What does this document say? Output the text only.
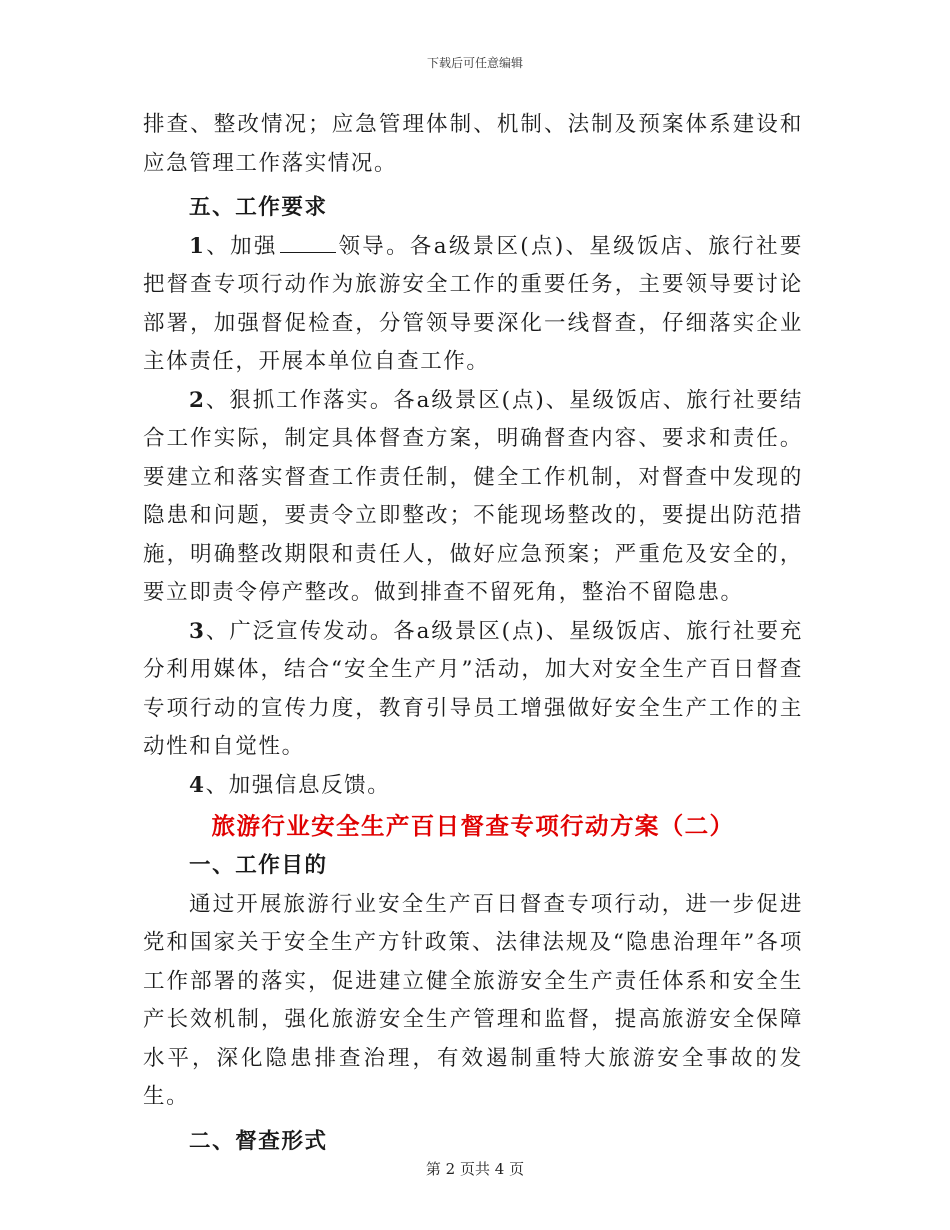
下载后可任意编辑

排查、整改情况；应急管理体制、机制、法制及预案体系建设和应急管理工作落实情况。

五、工作要求

1、加强	领导。各a级景区(点)、星级饭店、旅行社要把督查专项行动作为旅游安全工作的重要任务，主要领导要讨论部署，加强督促检查，分管领导要深化一线督查，仔细落实企业主体责任，开展本单位自查工作。

2、狠抓工作落实。各a级景区(点)、星级饭店、旅行社要结合工作实际，制定具体督查方案，明确督查内容、要求和责任。要建立和落实督查工作责任制，健全工作机制，对督查中发现的隐患和问题，要责令立即整改；不能现场整改的，要提出防范措施，明确整改期限和责任人，做好应急预案；严重危及安全的，要立即责令停产整改。做到排查不留死角，整治不留隐患。

3、广泛宣传发动。各a级景区(点)、星级饭店、旅行社要充分利用媒体，结合“安全生产月”活动，加大对安全生产百日督查专项行动的宣传力度，教育引导员工增强做好安全生产工作的主动性和自觉性。

4、加强信息反馈。

旅游行业安全生产百日督查专项行动方案（二）

一、工作目的

通过开展旅游行业安全生产百日督查专项行动，进一步促进党和国家关于安全生产方针政策、法律法规及“隐患治理年”各项工作部署的落实，促进建立健全旅游安全生产责任体系和安全生产长效机制，强化旅游安全生产管理和监督，提高旅游安全保障水平，深化隐患排查治理，有效遏制重特大旅游安全事故的发生。

二、督查形式

第 2 页共 4 页
